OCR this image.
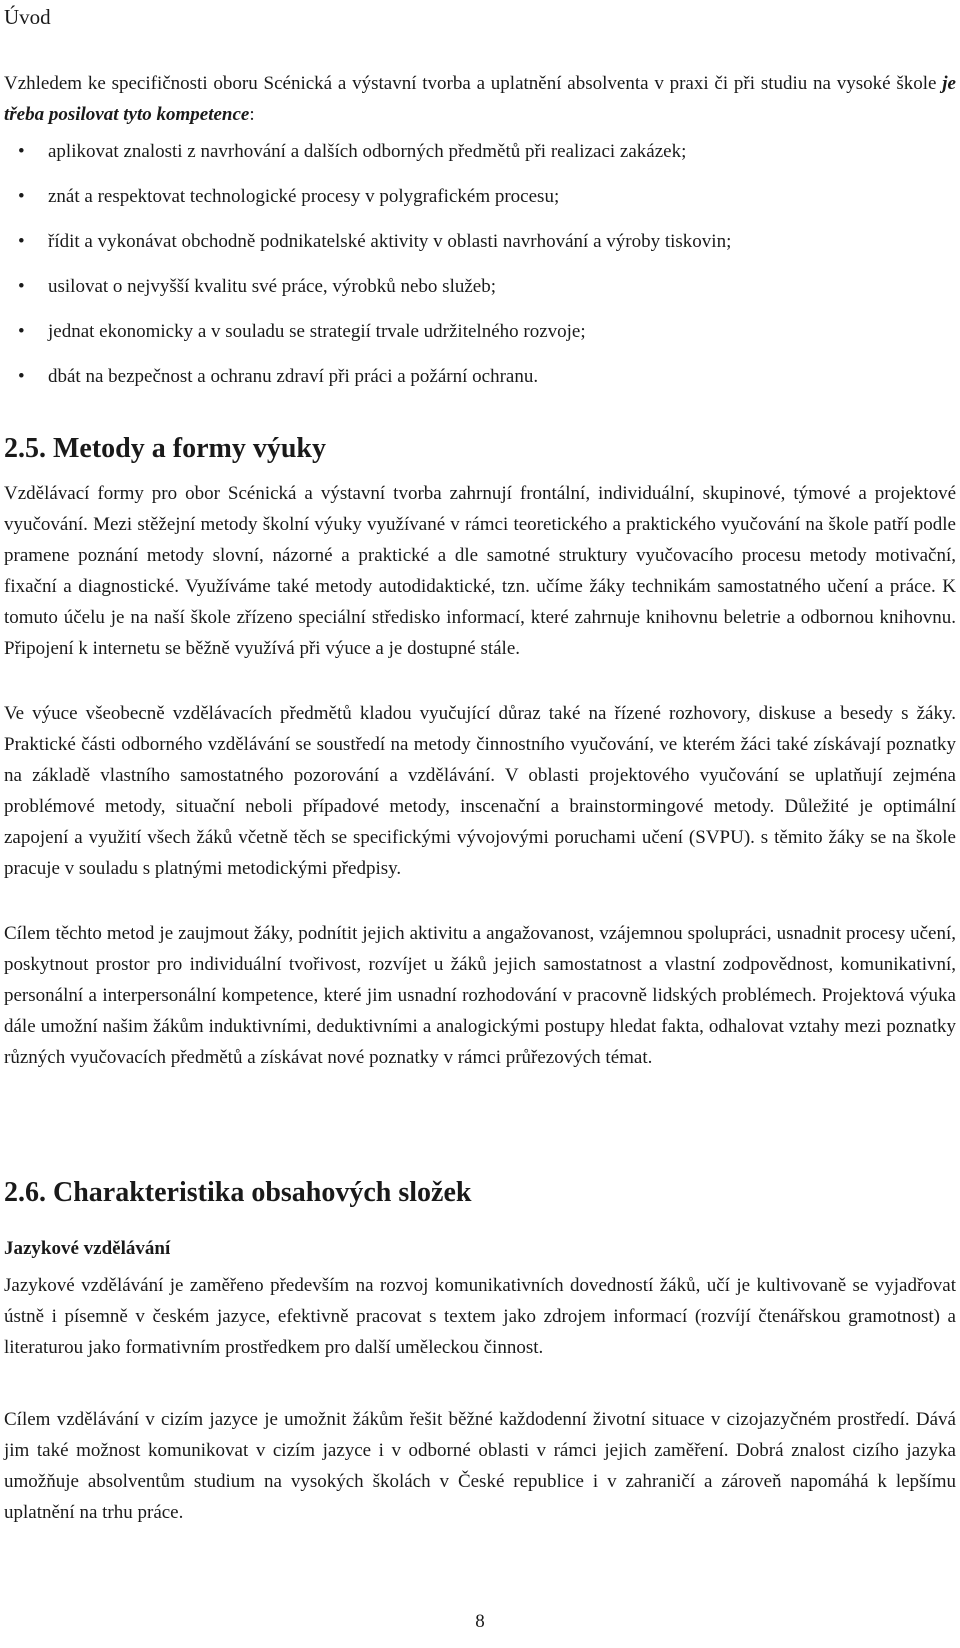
Úvod

Vzhledem ke specifičnosti oboru Scénická a výstavní tvorba a uplatnění absolventa v praxi či při studiu na vysoké škole je třeba posilovat tyto kompetence:

• aplikovat znalosti z navrhování a dalších odborných předmětů při realizaci zakázek;
• znát a respektovat technologické procesy v polygrafickém procesu;
• řídit a vykonávat obchodně podnikatelské aktivity v oblasti navrhování a výroby tiskovin;
• usilovat o nejvyšší kvalitu své práce, výrobků nebo služeb;
• jednat ekonomicky a v souladu se strategií trvale udržitelného rozvoje;
• dbát na bezpečnost a ochranu zdraví při práci a požární ochranu.
2.5. Metody a formy výuky

Vzdělávací formy pro obor Scénická a výstavní tvorba zahrnují frontální, individuální, skupinové, týmové a projektové vyučování. Mezi stěžejní metody školní výuky využívané v rámci teoretického a praktického vyučování na škole patří podle pramene poznání metody slovní, názorné a praktické a dle samotné struktury vyučovacího procesu metody motivační, fixační a diagnostické. Využíváme také metody autodidaktické, tzn. učíme žáky technikám samostatného učení a práce. K tomuto účelu je na naší škole zřízeno speciální středisko informací, které zahrnuje knihovnu beletrie a odbornou knihovnu. Připojení k internetu se běžně využívá při výuce a je dostupné stále.

Ve výuce všeobecně vzdělávacích předmětů kladou vyučující důraz také na řízené rozhovory, diskuse a besedy s žáky. Praktické části odborného vzdělávání se soustředí na metody činnostního vyučování, ve kterém žáci také získávají poznatky na základě vlastního samostatného pozorování a vzdělávání. V oblasti projektového vyučování se uplatňují zejména problémové metody, situační neboli případové metody, inscenační a brainstormingové metody. Důležité je optimální zapojení a využití všech žáků včetně těch se specifickými vývojovými poruchami učení (SVPU). s těmito žáky se na škole pracuje v souladu s platnými metodickými předpisy.

Cílem těchto metod je zaujmout žáky, podnítit jejich aktivitu a angažovanost, vzájemnou spolupráci, usnadnit procesy učení, poskytnout prostor pro individuální tvořivost, rozvíjet u žáků jejich samostatnost a vlastní zodpovědnost, komunikativní, personální a interpersonální kompetence, které jim usnadní rozhodování v pracovně lidských problémech. Projektová výuka dále umožní našim žákům induktivními, deduktivními a analogickými postupy hledat fakta, odhalovat vztahy mezi poznatky různých vyučovacích předmětů a získávat nové poznatky v rámci průřezových témat.

2.6. Charakteristika obsahových složek
Jazykové vzdělávání

Jazykové vzdělávání je zaměřeno především na rozvoj komunikativních dovedností žáků, učí je kultivovaně se vyjadřovat ústně i písemně v českém jazyce, efektivně pracovat s textem jako zdrojem informací (rozvíjí čtenářskou gramotnost) a literaturou jako formativním prostředkem pro další uměleckou činnost.

Cílem vzdělávání v cizím jazyce je umožnit žákům řešit běžné každodenní životní situace v cizojazyčném prostředí. Dává jim také možnost komunikovat v cizím jazyce i v odborné oblasti v rámci jejich zaměření. Dobrá znalost cizího jazyka umožňuje absolventům studium na vysokých školách v České republice i v zahraničí a zároveň napomáhá k lepšímu uplatnění na trhu práce.

8
